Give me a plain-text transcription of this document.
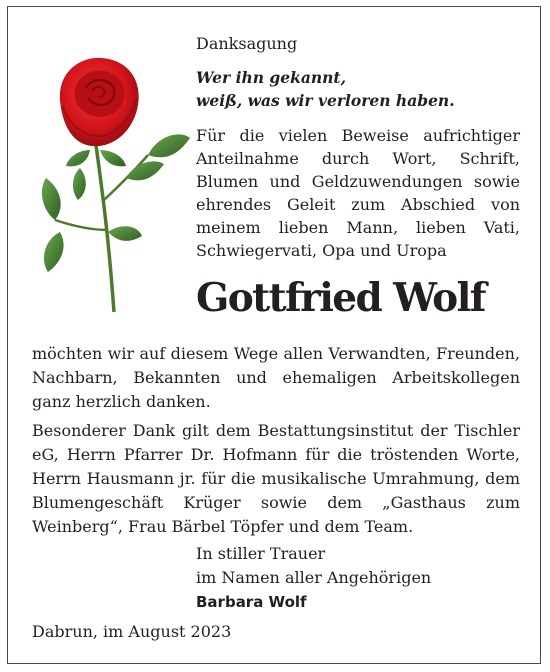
Danksagung

Wer ihn gekannt,
weiß, was wir verloren haben.

Für die vielen Beweise aufrichtiger Anteilnahme durch Wort, Schrift, Blumen und Geldzuwendungen sowie ehrendes Geleit zum Abschied von meinem lieben Mann, lieben Vati, Schwiegervati, Opa und Uropa

Gottfried Wolf

möchten wir auf diesem Wege allen Verwandten, Freunden, Nachbarn, Bekannten und ehemaligen Arbeitskollegen ganz herzlich danken.

Besonderer Dank gilt dem Bestattungsinstitut der Tischler eG, Herrn Pfarrer Dr. Hofmann für die tröstenden Worte, Herrn Hausmann jr. für die musikalische Umrahmung, dem Blumengeschäft Krüger sowie dem „Gasthaus zum Weinberg“, Frau Bärbel Töpfer und dem Team.

In stiller Trauer
im Namen aller Angehörigen
Barbara Wolf

Dabrun, im August 2023
